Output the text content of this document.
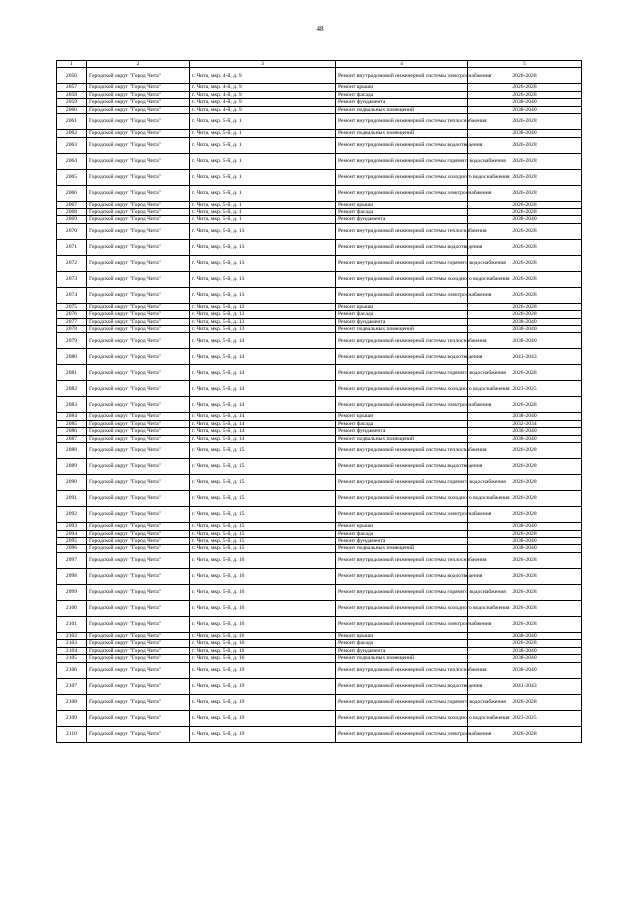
48
1	2	3	4	5
2056	Городской округ "Город Чита"	г. Чита, мкр. 4-й, д. 9	Ремонт внутридомовой инженерной системы электроснабжения	2026-2028
2057	Городской округ "Город Чита"	г. Чита, мкр. 4-й, д. 9	Ремонт крыши	2026-2028
2058	Городской округ "Город Чита"	г. Чита, мкр. 4-й, д. 9	Ремонт фасада	2026-2028
2059	Городской округ "Город Чита"	г. Чита, мкр. 4-й, д. 9	Ремонт фундамента	2038-2040
2060	Городской округ "Город Чита"	г. Чита, мкр. 4-й, д. 9	Ремонт подвальных помещений	2038-2040
2061	Городской округ "Город Чита"	г. Чита, мкр. 5-й, д. 1	Ремонт внутридомовой инженерной системы теплоснабжения	2026-2028
2062	Городской округ "Город Чита"	г. Чита, мкр. 5-й, д. 1	Ремонт подвальных помещений	2038-2040
2063	Городской округ "Город Чита"	г. Чита, мкр. 5-й, д. 1	Ремонт внутридомовой инженерной системы водоотведения	2026-2028
2064	Городской округ "Город Чита"	г. Чита, мкр. 5-й, д. 1	Ремонт внутридомовой инженерной системы горячего водоснабжения	2026-2028
2065	Городской округ "Город Чита"	г. Чита, мкр. 5-й, д. 1	Ремонт внутридомовой инженерной системы холодного водоснабжения	2026-2028
2066	Городской округ "Город Чита"	г. Чита, мкр. 5-й, д. 1	Ремонт внутридомовой инженерной системы электроснабжения	2026-2028
2067	Городской округ "Город Чита"	г. Чита, мкр. 5-й, д. 1	Ремонт крыши	2026-2028
2068	Городской округ "Город Чита"	г. Чита, мкр. 5-й, д. 1	Ремонт фасада	2026-2028
2069	Городской округ "Город Чита"	г. Чита, мкр. 5-й, д. 1	Ремонт фундамента	2038-2040
2070	Городской округ "Город Чита"	г. Чита, мкр. 5-й, д. 13	Ремонт внутридомовой инженерной системы теплоснабжения	2026-2028
2071	Городской округ "Город Чита"	г. Чита, мкр. 5-й, д. 13	Ремонт внутридомовой инженерной системы водоотведения	2026-2028
2072	Городской округ "Город Чита"	г. Чита, мкр. 5-й, д. 13	Ремонт внутридомовой инженерной системы горячего водоснабжения	2026-2028
2073	Городской округ "Город Чита"	г. Чита, мкр. 5-й, д. 13	Ремонт внутридомовой инженерной системы холодного водоснабжения	2026-2028
2074	Городской округ "Город Чита"	г. Чита, мкр. 5-й, д. 13	Ремонт внутридомовой инженерной системы электроснабжения	2026-2028
2075	Городской округ "Город Чита"	г. Чита, мкр. 5-й, д. 13	Ремонт крыши	2026-2028
2076	Городской округ "Город Чита"	г. Чита, мкр. 5-й, д. 13	Ремонт фасада	2026-2028
2077	Городской округ "Город Чита"	г. Чита, мкр. 5-й, д. 13	Ремонт фундамента	2038-2040
2078	Городской округ "Город Чита"	г. Чита, мкр. 5-й, д. 13	Ремонт подвальных помещений	2038-2040
2079	Городской округ "Город Чита"	г. Чита, мкр. 5-й, д. 14	Ремонт внутридомовой инженерной системы теплоснабжения	2038-2040
2080	Городской округ "Город Чита"	г. Чита, мкр. 5-й, д. 14	Ремонт внутридомовой инженерной системы водоотведения	2041-2043
2081	Городской округ "Город Чита"	г. Чита, мкр. 5-й, д. 14	Ремонт внутридомовой инженерной системы горячего водоснабжения	2026-2028
2082	Городской округ "Город Чита"	г. Чита, мкр. 5-й, д. 14	Ремонт внутридомовой инженерной системы холодного водоснабжения	2023-2025
2083	Городской округ "Город Чита"	г. Чита, мкр. 5-й, д. 14	Ремонт внутридомовой инженерной системы электроснабжения	2026-2028
2084	Городской округ "Город Чита"	г. Чита, мкр. 5-й, д. 14	Ремонт крыши	2038-2040
2085	Городской округ "Город Чита"	г. Чита, мкр. 5-й, д. 14	Ремонт фасада	2032-2034
2086	Городской округ "Город Чита"	г. Чита, мкр. 5-й, д. 14	Ремонт фундамента	2038-2040
2087	Городской округ "Город Чита"	г. Чита, мкр. 5-й, д. 14	Ремонт подвальных помещений	2038-2040
2088	Городской округ "Город Чита"	г. Чита, мкр. 5-й, д. 15	Ремонт внутридомовой инженерной системы теплоснабжения	2026-2028
2089	Городской округ "Город Чита"	г. Чита, мкр. 5-й, д. 15	Ремонт внутридомовой инженерной системы водоотведения	2026-2028
2090	Городской округ "Город Чита"	г. Чита, мкр. 5-й, д. 15	Ремонт внутридомовой инженерной системы горячего водоснабжения	2026-2028
2091	Городской округ "Город Чита"	г. Чита, мкр. 5-й, д. 15	Ремонт внутридомовой инженерной системы холодного водоснабжения	2026-2028
2092	Городской округ "Город Чита"	г. Чита, мкр. 5-й, д. 15	Ремонт внутридомовой инженерной системы электроснабжения	2026-2028
2093	Городской округ "Город Чита"	г. Чита, мкр. 5-й, д. 15	Ремонт крыши	2038-2040
2094	Городской округ "Город Чита"	г. Чита, мкр. 5-й, д. 15	Ремонт фасада	2026-2028
2095	Городской округ "Город Чита"	г. Чита, мкр. 5-й, д. 15	Ремонт фундамента	2038-2040
2096	Городской округ "Город Чита"	г. Чита, мкр. 5-й, д. 15	Ремонт подвальных помещений	2038-2040
2097	Городской округ "Город Чита"	г. Чита, мкр. 5-й, д. 16	Ремонт внутридомовой инженерной системы теплоснабжения	2026-2028
2098	Городской округ "Город Чита"	г. Чита, мкр. 5-й, д. 16	Ремонт внутридомовой инженерной системы водоотведения	2026-2028
2099	Городской округ "Город Чита"	г. Чита, мкр. 5-й, д. 16	Ремонт внутридомовой инженерной системы горячего водоснабжения	2026-2028
2100	Городской округ "Город Чита"	г. Чита, мкр. 5-й, д. 16	Ремонт внутридомовой инженерной системы холодного водоснабжения	2026-2028
2101	Городской округ "Город Чита"	г. Чита, мкр. 5-й, д. 16	Ремонт внутридомовой инженерной системы электроснабжения	2026-2028
2102	Городской округ "Город Чита"	г. Чита, мкр. 5-й, д. 16	Ремонт крыши	2038-2040
2103	Городской округ "Город Чита"	г. Чита, мкр. 5-й, д. 16	Ремонт фасада	2026-2028
2104	Городской округ "Город Чита"	г. Чита, мкр. 5-й, д. 16	Ремонт фундамента	2038-2040
2105	Городской округ "Город Чита"	г. Чита, мкр. 5-й, д. 16	Ремонт подвальных помещений	2038-2040
2106	Городской округ "Город Чита"	г. Чита, мкр. 5-й, д. 19	Ремонт внутридомовой инженерной системы теплоснабжения	2038-2040
2107	Городской округ "Город Чита"	г. Чита, мкр. 5-й, д. 19	Ремонт внутридомовой инженерной системы водоотведения	2041-2043
2108	Городской округ "Город Чита"	г. Чита, мкр. 5-й, д. 19	Ремонт внутридомовой инженерной системы горячего водоснабжения	2026-2028
2109	Городской округ "Город Чита"	г. Чита, мкр. 5-й, д. 19	Ремонт внутридомовой инженерной системы холодного водоснабжения	2023-2025
2110	Городской округ "Город Чита"	г. Чита, мкр. 5-й, д. 19	Ремонт внутридомовой инженерной системы электроснабжения	2026-2028
